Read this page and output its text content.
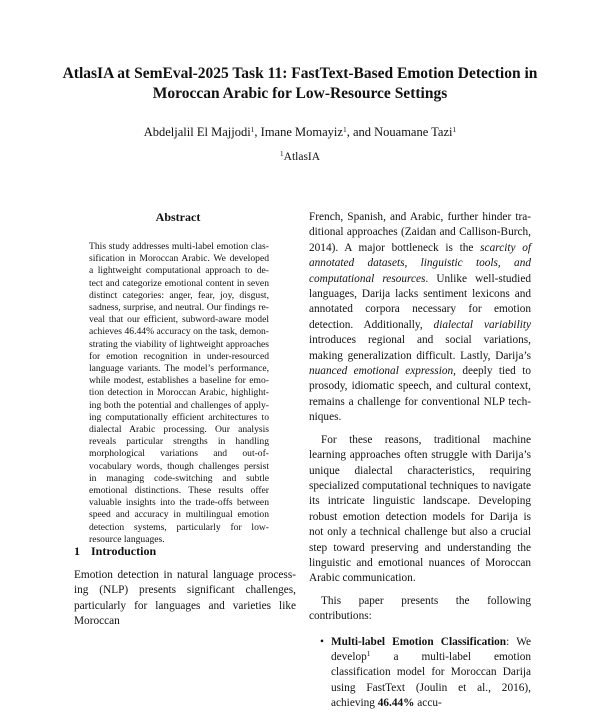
AtlasIA at SemEval-2025 Task 11: FastText-Based Emotion Detection in
Moroccan Arabic for Low-Resource Settings
Abdeljalil El Majjodi$^1$, Imane Momayiz$^1$, and Nouamane Tazi$^1$
$^1$AtlasIA
Abstract
This study addresses multi-label emotion classification in Moroccan Arabic. We developed a lightweight computational approach to detect and categorize emotional content in seven distinct categories: anger, fear, joy, disgust, sadness, surprise, and neutral. Our findings reveal that our efficient, subword-aware model achieves 46.44% accuracy on the task, demonstrating the viability of lightweight approaches for emotion recognition in under-resourced language variants. The model’s performance, while modest, establishes a baseline for emotion detection in Moroccan Arabic, highlighting both the potential and challenges of applying computationally efficient architectures to dialectal Arabic processing. Our analysis reveals particular strengths in handling morphological variations and out-of-vocabulary words, though challenges persist in managing code-switching and subtle emotional distinctions. These results offer valuable insights into the trade-offs between speed and accuracy in multilingual emotion detection systems, particularly for low-resource languages.
1 Introduction
Emotion detection in natural language processing (NLP) presents significant challenges, particularly for languages and varieties like Moroccan

French, Spanish, and Arabic, further hinder traditional approaches (Zaidan and Callison-Burch, 2014). A major bottleneck is the scarcity of annotated datasets, linguistic tools, and computational resources. Unlike well-studied languages, Darija lacks sentiment lexicons and annotated corpora necessary for emotion detection. Additionally, dialectal variability introduces regional and social variations, making generalization difficult. Lastly, Darija’s nuanced emotional expression, deeply tied to prosody, idiomatic speech, and cultural context, remains a challenge for conventional NLP techniques.

For these reasons, traditional machine learning approaches often struggle with Darija’s unique dialectal characteristics, requiring specialized computational techniques to navigate its intricate linguistic landscape. Developing robust emotion detection models for Darija is not only a technical challenge but also a crucial step toward preserving and understanding the linguistic and emotional nuances of Moroccan Arabic communication.

This paper presents the following contributions:

• Multi-label Emotion Classification: We develop$^1$ a multi-label emotion classification model for Moroccan Darija using FastText (Joulin et al., 2016), achieving 46.44% accu-
